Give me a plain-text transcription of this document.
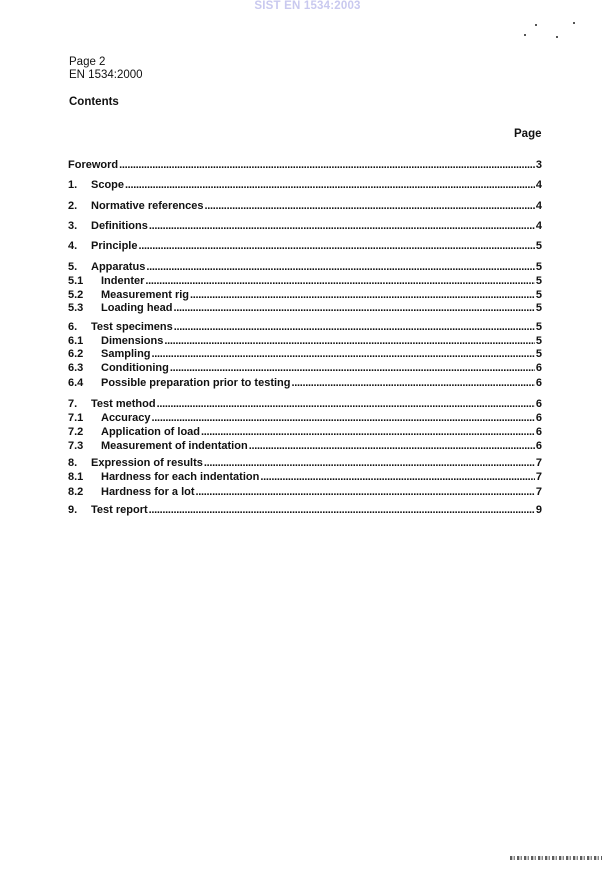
SIST EN 1534:2003
Page 2
EN 1534:2000
Contents
Page
Foreword .....	3
1.	Scope .....	4
2.	Normative references .....	4
3.	Definitions .....	4
4.	Principle .....	5
5.	Apparatus .....	5
5.1	Indenter .....	5
5.2	Measurement rig .....	5
5.3	Loading head .....	5
6.	Test specimens .....	5
6.1	Dimensions .....	5
6.2	Sampling .....	5
6.3	Conditioning .....	6
6.4	Possible preparation prior to testing .....	6
7.	Test method .....	6
7.1	Accuracy .....	6
7.2	Application of load .....	6
7.3	Measurement of indentation .....	6
8.	Expression of results .....	7
8.1	Hardness for each indentation .....	7
8.2	Hardness for a lot .....	7
9.	Test report .....	9
